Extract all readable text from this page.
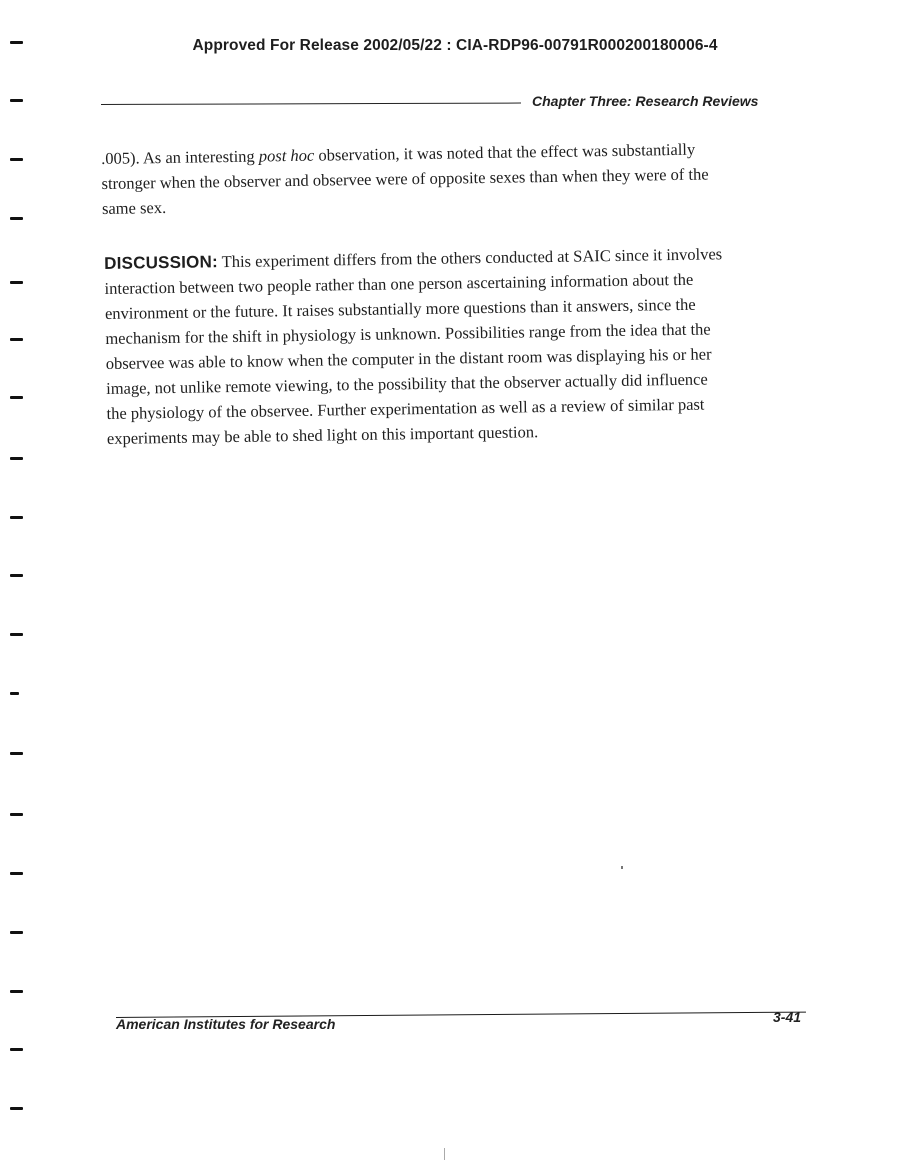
Approved For Release 2002/05/22 : CIA-RDP96-00791R000200180006-4
Chapter Three: Research Reviews
.005). As an interesting post hoc observation, it was noted that the effect was substantially
stronger when the observer and observee were of opposite sexes than when they were of the
same sex.
DISCUSSION: This experiment differs from the others conducted at SAIC since it involves
interaction between two people rather than one person ascertaining information about the
environment or the future. It raises substantially more questions than it answers, since the
mechanism for the shift in physiology is unknown. Possibilities range from the idea that the
observee was able to know when the computer in the distant room was displaying his or her
image, not unlike remote viewing, to the possibility that the observer actually did influence
the physiology of the observee. Further experimentation as well as a review of similar past
experiments may be able to shed light on this important question.
American Institutes for Research	3-41
